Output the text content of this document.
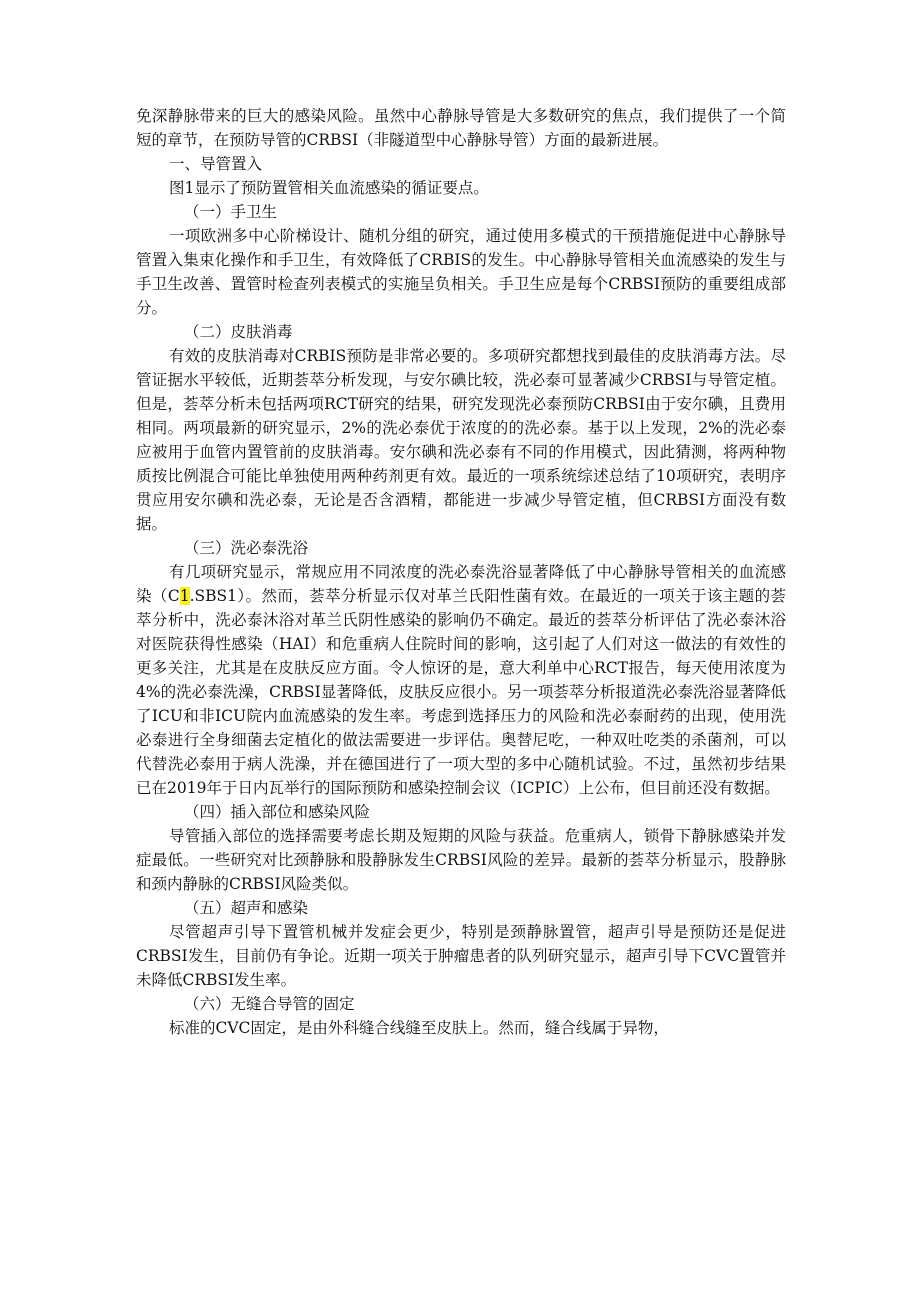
免深静脉带来的巨大的感染风险。虽然中心静脉导管是大多数研究的焦点，我们提供了一个简短的章节，在预防导管的CRBSI（非隧道型中心静脉导管）方面的最新进展。

一、导管置入

图1显示了预防置管相关血流感染的循证要点。

（一）手卫生

一项欧洲多中心阶梯设计、随机分组的研究，通过使用多模式的干预措施促进中心静脉导管置入集束化操作和手卫生，有效降低了CRBIS的发生。中心静脉导管相关血流感染的发生与手卫生改善、置管时检查列表模式的实施呈负相关。手卫生应是每个CRBSI预防的重要组成部分。

（二）皮肤消毒

有效的皮肤消毒对CRBIS预防是非常必要的。多项研究都想找到最佳的皮肤消毒方法。尽管证据水平较低，近期荟萃分析发现，与安尔碘比较，洗必泰可显著减少CRBSI与导管定植。但是，荟萃分析未包括两项RCT研究的结果，研究发现洗必泰预防CRBSI由于安尔碘，且费用相同。两项最新的研究显示，2%的洗必泰优于浓度的的洗必泰。基于以上发现，2%的洗必泰应被用于血管内置管前的皮肤消毒。安尔碘和洗必泰有不同的作用模式，因此猜测，将两种物质按比例混合可能比单独使用两种药剂更有效。最近的一项系统综述总结了10项研究，表明序贯应用安尔碘和洗必泰，无论是否含酒精，都能进一步减少导管定植，但CRBSI方面没有数据。

（三）洗必泰洗浴

有几项研究显示，常规应用不同浓度的洗必泰洗浴显著降低了中心静脉导管相关的血流感染（C1.SBS1）。然而，荟萃分析显示仅对革兰氏阳性菌有效。在最近的一项关于该主题的荟萃分析中，洗必泰沐浴对革兰氏阴性感染的影响仍不确定。最近的荟萃分析评估了洗必泰沐浴对医院获得性感染（HAI）和危重病人住院时间的影响，这引起了人们对这一做法的有效性的更多关注，尤其是在皮肤反应方面。令人惊讶的是，意大利单中心RCT报告，每天使用浓度为4%的洗必泰洗澡，CRBSI显著降低，皮肤反应很小。另一项荟萃分析报道洗必泰洗浴显著降低了ICU和非ICU院内血流感染的发生率。考虑到选择压力的风险和洗必泰耐药的出现，使用洗必泰进行全身细菌去定植化的做法需要进一步评估。奥替尼吃，一种双吐吃类的杀菌剂，可以代替洗必泰用于病人洗澡，并在德国进行了一项大型的多中心随机试验。不过，虽然初步结果已在2019年于日内瓦举行的国际预防和感染控制会议（ICPIC）上公布，但目前还没有数据。

（四）插入部位和感染风险

导管插入部位的选择需要考虑长期及短期的风险与获益。危重病人，锁骨下静脉感染并发症最低。一些研究对比颈静脉和股静脉发生CRBSI风险的差异。最新的荟萃分析显示，股静脉和颈内静脉的CRBSI风险类似。

（五）超声和感染

尽管超声引导下置管机械并发症会更少，特别是颈静脉置管，超声引导是预防还是促进CRBSI发生，目前仍有争论。近期一项关于肿瘤患者的队列研究显示，超声引导下CVC置管并未降低CRBSI发生率。

（六）无缝合导管的固定

标准的CVC固定，是由外科缝合线缝至皮肤上。然而，缝合线属于异物，
